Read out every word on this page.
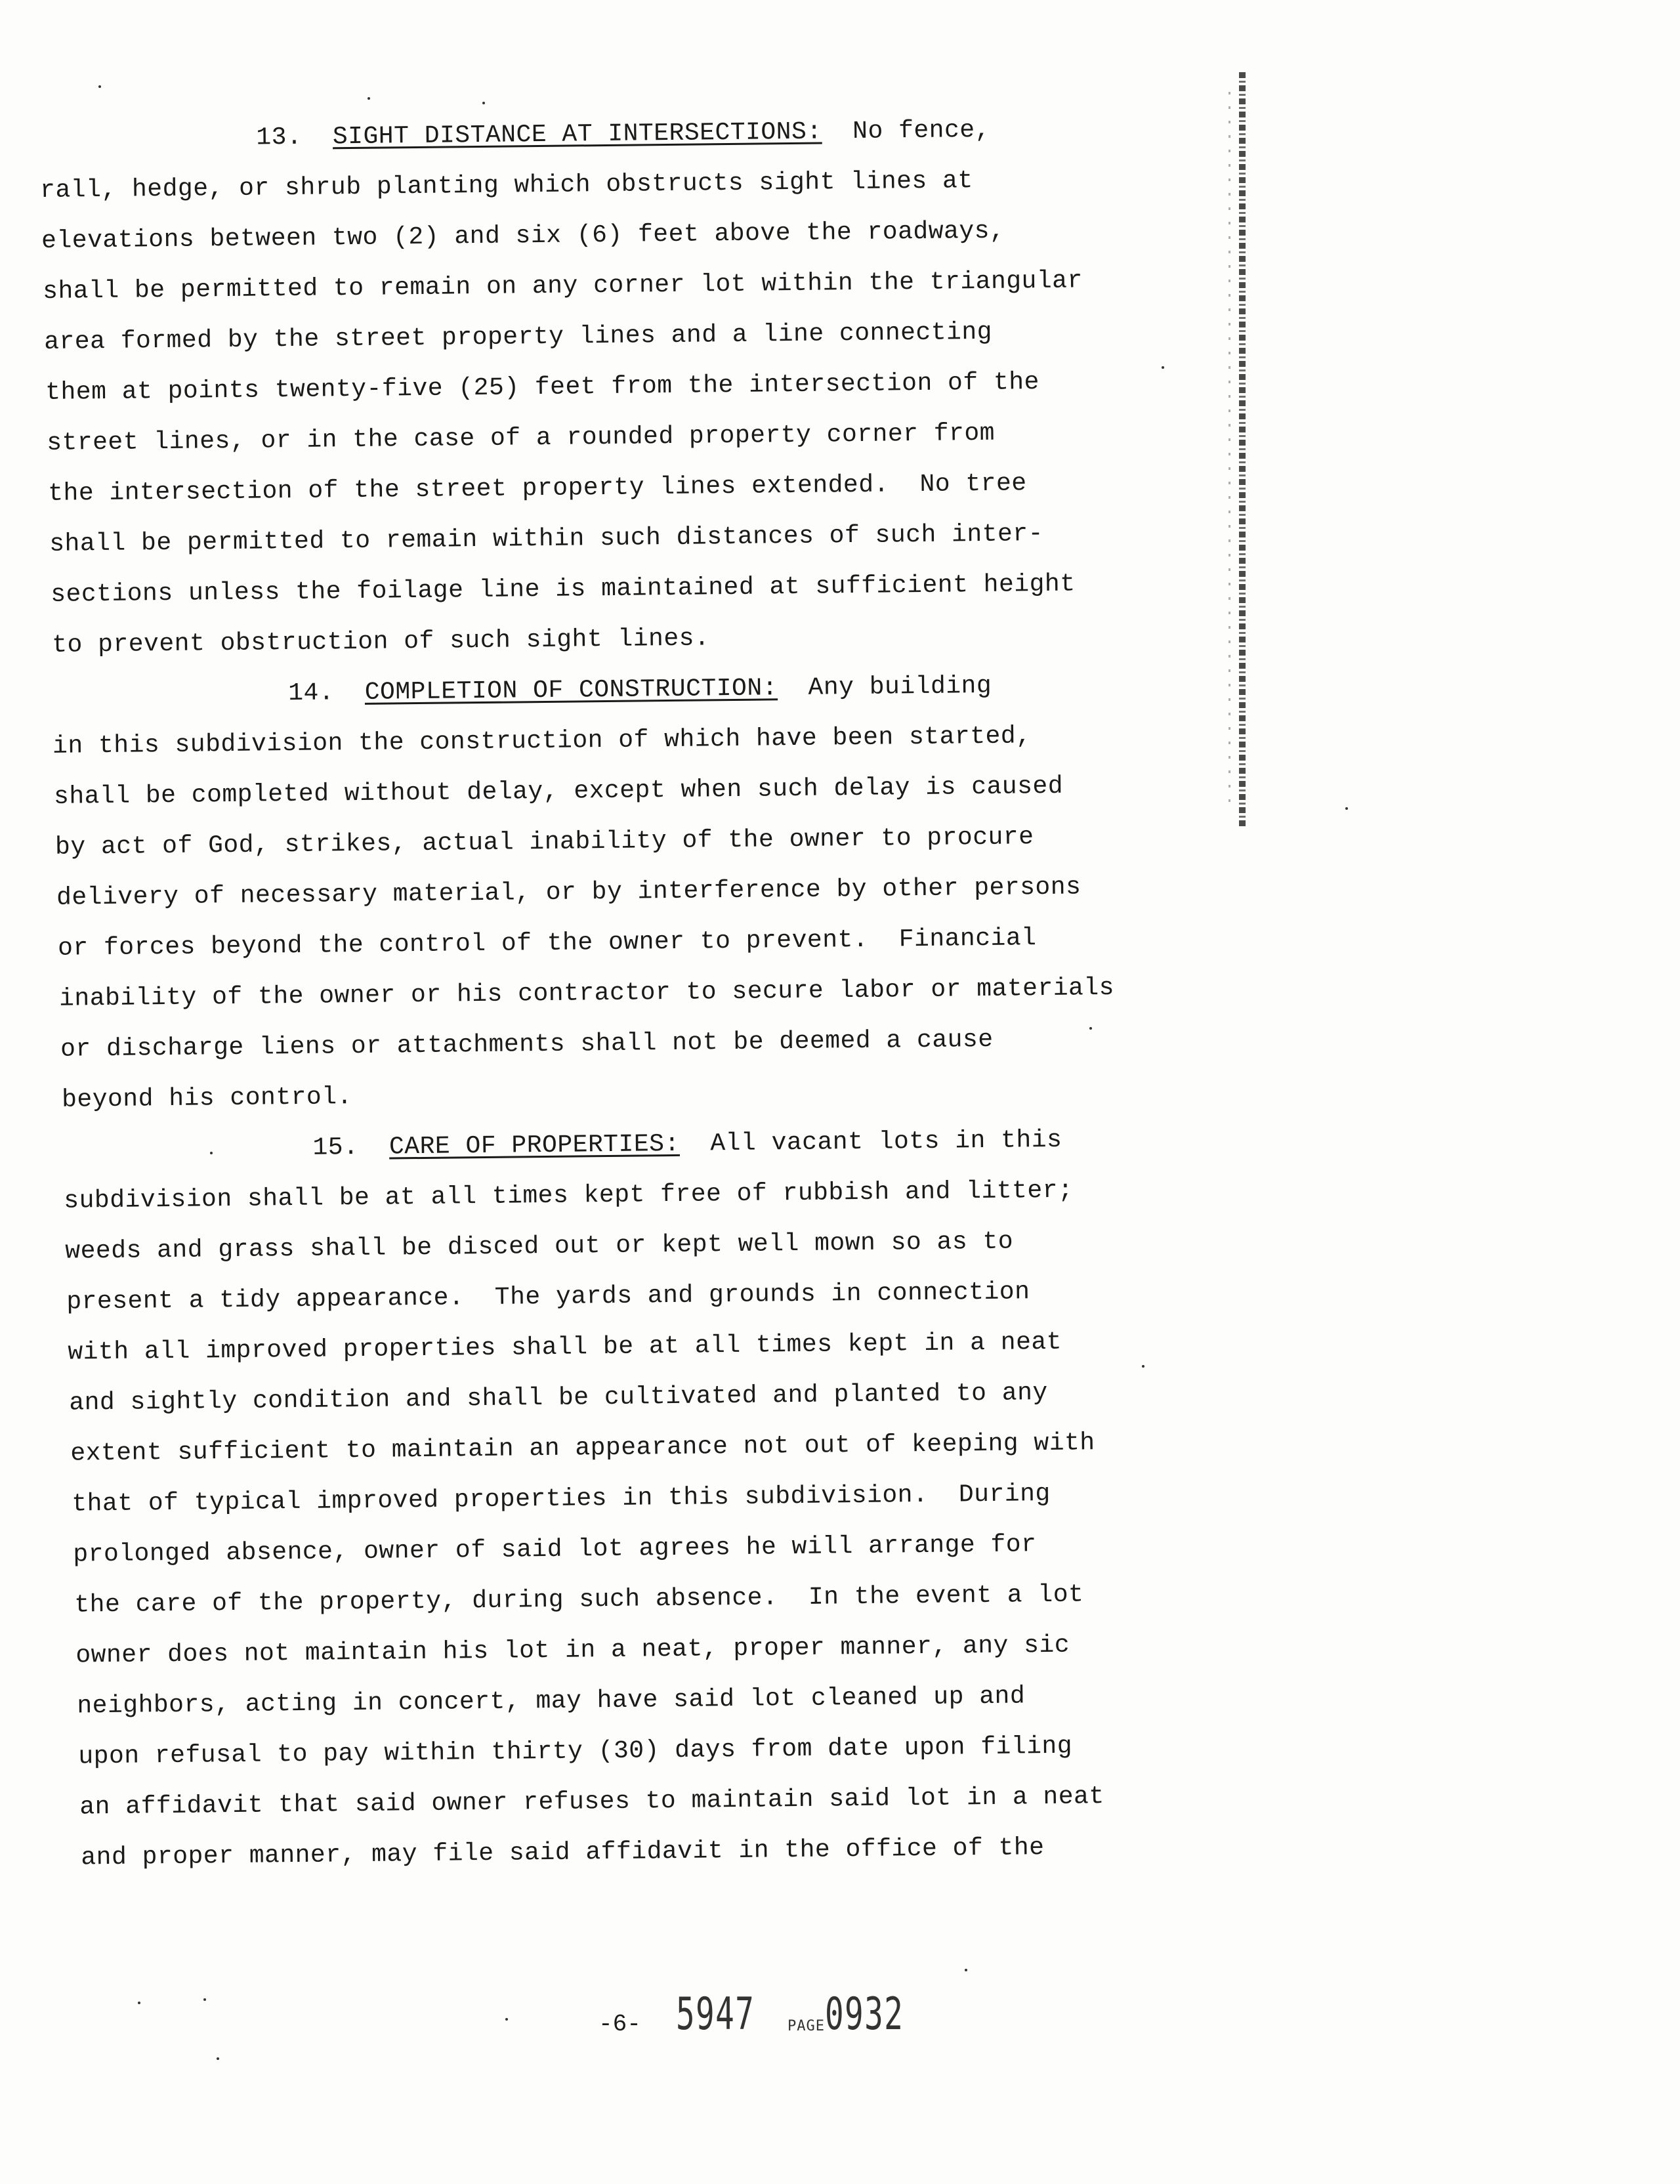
13. SIGHT DISTANCE AT INTERSECTIONS: No fence,
rall, hedge, or shrub planting which obstructs sight lines at
elevations between two (2) and six (6) feet above the roadways,
shall be permitted to remain on any corner lot within the triangular
area formed by the street property lines and a line connecting
them at points twenty-five (25) feet from the intersection of the
street lines, or in the case of a rounded property corner from
the intersection of the street property lines extended.  No tree
shall be permitted to remain within such distances of such inter-
sections unless the foilage line is maintained at sufficient height
to prevent obstruction of such sight lines.
14. COMPLETION OF CONSTRUCTION: Any building
in this subdivision the construction of which have been started,
shall be completed without delay, except when such delay is caused
by act of God, strikes, actual inability of the owner to procure
delivery of necessary material, or by interference by other persons
or forces beyond the control of the owner to prevent.  Financial
inability of the owner or his contractor to secure labor or materials
or discharge liens or attachments shall not be deemed a cause
beyond his control.
15. CARE OF PROPERTIES: All vacant lots in this
subdivision shall be at all times kept free of rubbish and litter;
weeds and grass shall be disced out or kept well mown so as to
present a tidy appearance.  The yards and grounds in connection
with all improved properties shall be at all times kept in a neat
and sightly condition and shall be cultivated and planted to any
extent sufficient to maintain an appearance not out of keeping with
that of typical improved properties in this subdivision.  During
prolonged absence, owner of said lot agrees he will arrange for
the care of the property, during such absence.  In the event a lot
owner does not maintain his lot in a neat, proper manner, any sic
neighbors, acting in concert, may have said lot cleaned up and
upon refusal to pay within thirty (30) days from date upon filing
an affidavit that said owner refuses to maintain said lot in a neat
and proper manner, may file said affidavit in the office of the
-6- 5947 PAGE0932
